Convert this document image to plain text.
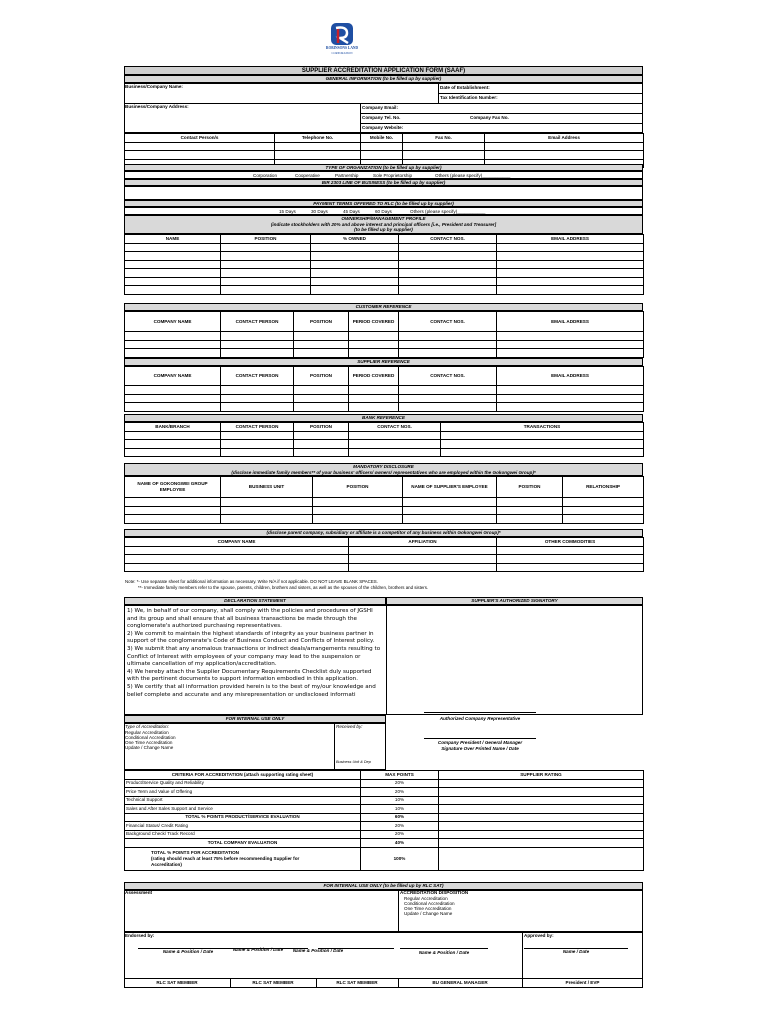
ROBINSONS LAND
CORPORATION
SUPPLIER ACCREDITATION APPLICATION FORM (SAAF)
GENERAL INFORMATION (to be filled up by supplier)
Business/Company Name:	Date of Establishment:
Tax Identification Number:
Business/Company Address:	Company Email:
Company Tel. No.	Company Fax No.
Company Website:
Contact Person/s	Telephone No.	Mobile No.	Fax No.	Email Address

TYPE OF ORGANIZATION (to be filled up by supplier)
Corporation	Cooperative	Partnership	Sole Proprietorship	Others (please specify)___________
BIR 2303 LINE OF BUSINESS (to be filled up by supplier)
PAYMENT TERMS OFFERED TO RLC (to be filled up by supplier)
15 Days	30 Days	45 Days	60 Days	Others (please specify)___________
OWNERSHIP/MANAGEMENT PROFILE
(indicate stockholders with 20% and above interest and principal officers [i.e., President and Treasurer]
(to be filled up by supplier)
NAME	POSITION	% OWNED	CONTACT NOS.	EMAIL ADDRESS

CUSTOMER REFERENCE
COMPANY NAME	CONTACT PERSON	POSITION	PERIOD COVERED	CONTACT NOS.	EMAIL ADDRESS

SUPPLIER REFERENCE
COMPANY NAME	CONTACT PERSON	POSITION	PERIOD COVERED	CONTACT NOS.	EMAIL ADDRESS

BANK REFERENCE
BANK/BRANCH	CONTACT PERSON	POSITION	CONTACT NOS.	TRANSACTIONS

MANDATORY DISCLOSURE
(disclose immediate family members** of your business' officers/ owners/ representatives who are employed within the Gokongwei Group)*
NAME OF GOKONGWEI GROUP EMPLOYEE	BUSINESS UNIT	POSITION	NAME OF SUPPLIER'S EMPLOYEE	POSITION	RELATIONSHIP

(disclose parent company, subsidiary or affiliate is a competitor of any business within Gokongwei Group)*
COMPANY NAME	AFFILIATION	OTHER COMMODITIES

Note: *- Use separate sheet for additional information as necessary. Write N/A if not applicable. DO NOT LEAVE BLANK SPACES.
**- Immediate family members refer to the spouse, parents, children, brothers and sisters, as well as the spouses of the children, brothers and sisters.
DECLARATION STATEMENT	SUPPLIER'S AUTHORIZED SIGNATORY

1) We, in behalf of our company, shall comply with the policies and procedures of JGSHI and its group and shall ensure that all business transactions be made through the conglomerate's authorized purchasing representatives.

2) We commit to maintain the highest standards of integrity as your business partner in support of the conglomerate's Code of Business Conduct and Conflicts of Interest policy.

3) We submit that any anomalous transactions or indirect deals/arrangements resulting to Conflict of Interest with employees of your company may lead to the suspension or ultimate cancellation of my application/accreditation.

4) We hereby attach the Supplier Documentary Requirements Checklist duly supported with the pertinent documents to support information embodied in this application.

5) We certify that all information provided herein is to the best of my/our knowledge and belief complete and accurate and any misrepresentation or undisclosed informati

Authorized Company Representative
Company President / General Manager
Signature Over Printed Name / Date
FOR INTERNAL USE ONLY
Type of Accreditation:
Regular Accreditation
Conditional Accreditation
One Time Accreditation
Update / Change Name
Received by:
Business Unit & Dep
CRITERIA FOR ACCREDITATION (attach supporting rating sheet)	MAX POINTS	SUPPLIER RATING
Product/Service Quality and Reliability	20%	
Price Term and Value of Offering	20%	
Technical Support	10%	
Sales and After Sales Support and Service	10%	
TOTAL % POINTS PRODUCT/SERVICE EVALUATION	60%	
Financial Status/ Credit Rating	20%	
Background Check/ Track Record	20%	
TOTAL COMPANY EVALUATION	40%	

TOTAL % POINTS FOR ACCREDITATION
(rating should reach at least 75% before recommending Supplier for
Accreditation)	100%	
FOR INTERNAL USE ONLY (to be filled up by RLC SAT)
Assessment	ACCREDITATION DISPOSITION
Regular Accreditation
Conditional Accreditation
One Time Accreditation
Update / Change Name
Endorsed by:	Approved by:
Name & Position / Date	Name & Position / Date	Name & Position / Date	Name & Position / Date	Name / Date
RLC SAT MEMBER	RLC SAT MEMBER	RLC SAT MEMBER	BU GENERAL MANAGER	President / EVP
